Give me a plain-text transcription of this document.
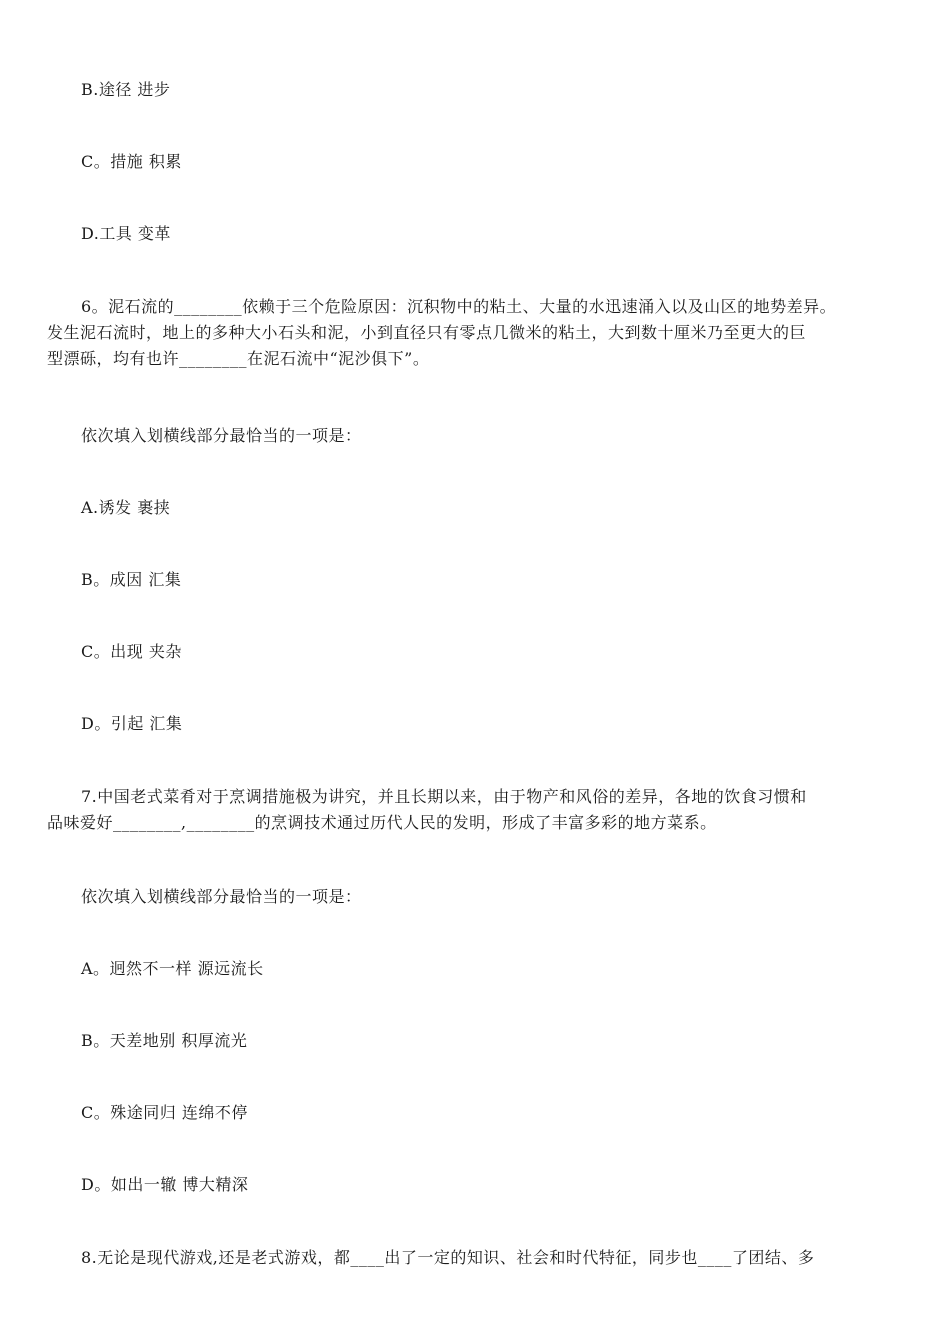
B.途径 进步
C。措施 积累
D.工具 变革
6。泥石流的________依赖于三个危险原因：沉积物中的粘土、大量的水迅速涌入以及山区的地势差异。
发生泥石流时，地上的多种大小石头和泥，小到直径只有零点几微米的粘土，大到数十厘米乃至更大的巨
型漂砾，均有也许________在泥石流中“泥沙俱下”。
依次填入划横线部分最恰当的一项是：
A.诱发 裹挟
B。成因 汇集
C。出现 夹杂
D。引起 汇集
7.中国老式菜肴对于烹调措施极为讲究，并且长期以来，由于物产和风俗的差异，各地的饮食习惯和
品味爱好________,________的烹调技术通过历代人民的发明，形成了丰富多彩的地方菜系。
依次填入划横线部分最恰当的一项是：
A。迥然不一样 源远流长
B。天差地别 积厚流光
C。殊途同归 连绵不停
D。如出一辙 博大精深
8.无论是现代游戏,还是老式游戏，都____出了一定的知识、社会和时代特征，同步也____了团结、多
